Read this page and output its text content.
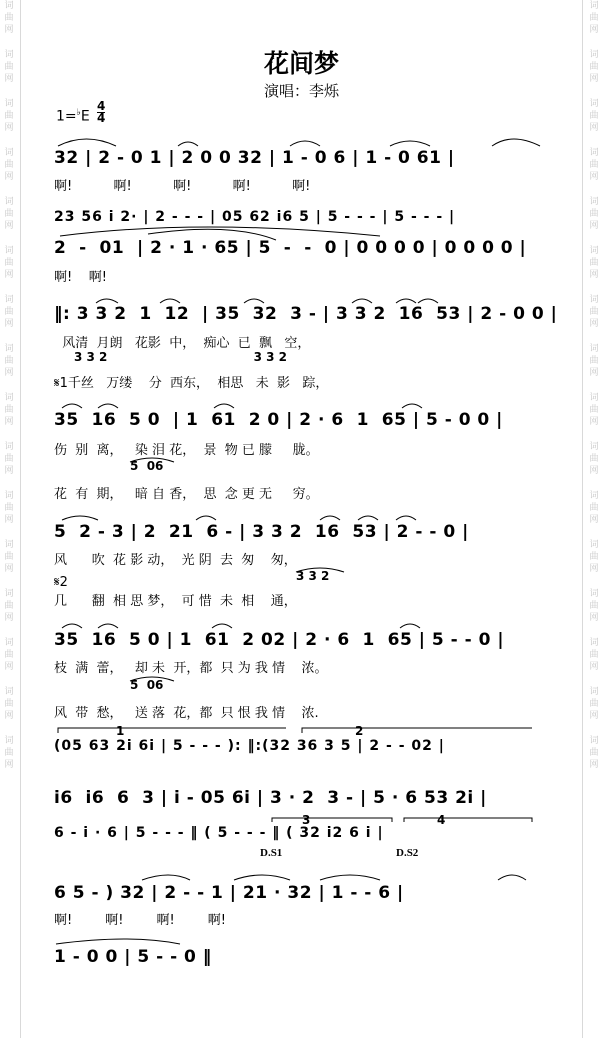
词
曲
网
词
曲
网
词
曲
网
词
曲
网
词
曲
网
词
曲
网
词
曲
网
词
曲
网
词
曲
网
词
曲
网
词
曲
网
词
曲
网
词
曲
网
词
曲
网
词
曲
网
词
曲
网
词
曲
网
词
曲
网
词
曲
网
词
曲
网
词
曲
网
词
曲
网
词
曲
网
词
曲
网
词
曲
网
词
曲
网
词
曲
网
词
曲
网
词
曲
网
词
曲
网
词
曲
网
词
曲
网
花间梦
演唱：李烁
1=♭E
4
4
32 | 2 - 0 1 | 2 0 0 32 | 1 - 0 6 | 1 - 0 61 |
啊!          啊!          啊!          啊!          啊!
23 56 i 2· | 2 - - - | 05 62 i6 5 | 5 - - - | 5 - - - |
2  -  01  | 2 · 1 · 65 | 5  -  -  0 | 0 0 0 0 | 0 0 0 0 |
啊!    啊!
‖: 3 3 2  1  12  | 35  32  3 - | 3 3 2  16  53 | 2 - 0 0 |
风清  月朗   花影  中，  痴心  已  飘   空，
3 3 2                                   3 3 2
𝄋1千丝   万缕    分  西东，  相思   未  影   踪，
35  16  5 0  | 1  61  2 0 | 2 · 6  1  65 | 5 - 0 0 |
伤  别  离，   染 泪 花，  景  物 已 朦     胧。
5  06
花  有  期，   暗 自 香，  思  念 更 无     穷。
5  2 - 3 | 2  21  6 - | 3 3 2  16  53 | 2 - - 0 |
风      吹  花 影 动，  光 阴  去  匆    匆，
3 3 2
𝄋2
几      翻  相 思 梦，  可 惜  未  相    通，
35  16  5 0 | 1  61  2 02 | 2 · 6  1  65 | 5 - - 0 |
枝  满  蕾，   却 未  开，都  只 为 我 情    浓。
5  06
风  带  愁，   送 落  花，都  只 恨 我 情    浓.
1	2
(05 63 2i 6i | 5 - - - ): ‖:(32 36 3 5 | 2 - - 02 |
i6  i6  6  3 | i - 05 6i | 3 · 2  3 - | 5 · 6 53 2i |
3	4
6 - i · 6 | 5 - - - ‖ ( 5 - - - ‖ ( 32 i2 6 i |
D.S1	D.S2
6 5 - ) 32 | 2 - - 1 | 21 · 32 | 1 - - 6 |
啊!        啊!        啊!        啊!
1 - 0 0 | 5 - - 0 ‖
